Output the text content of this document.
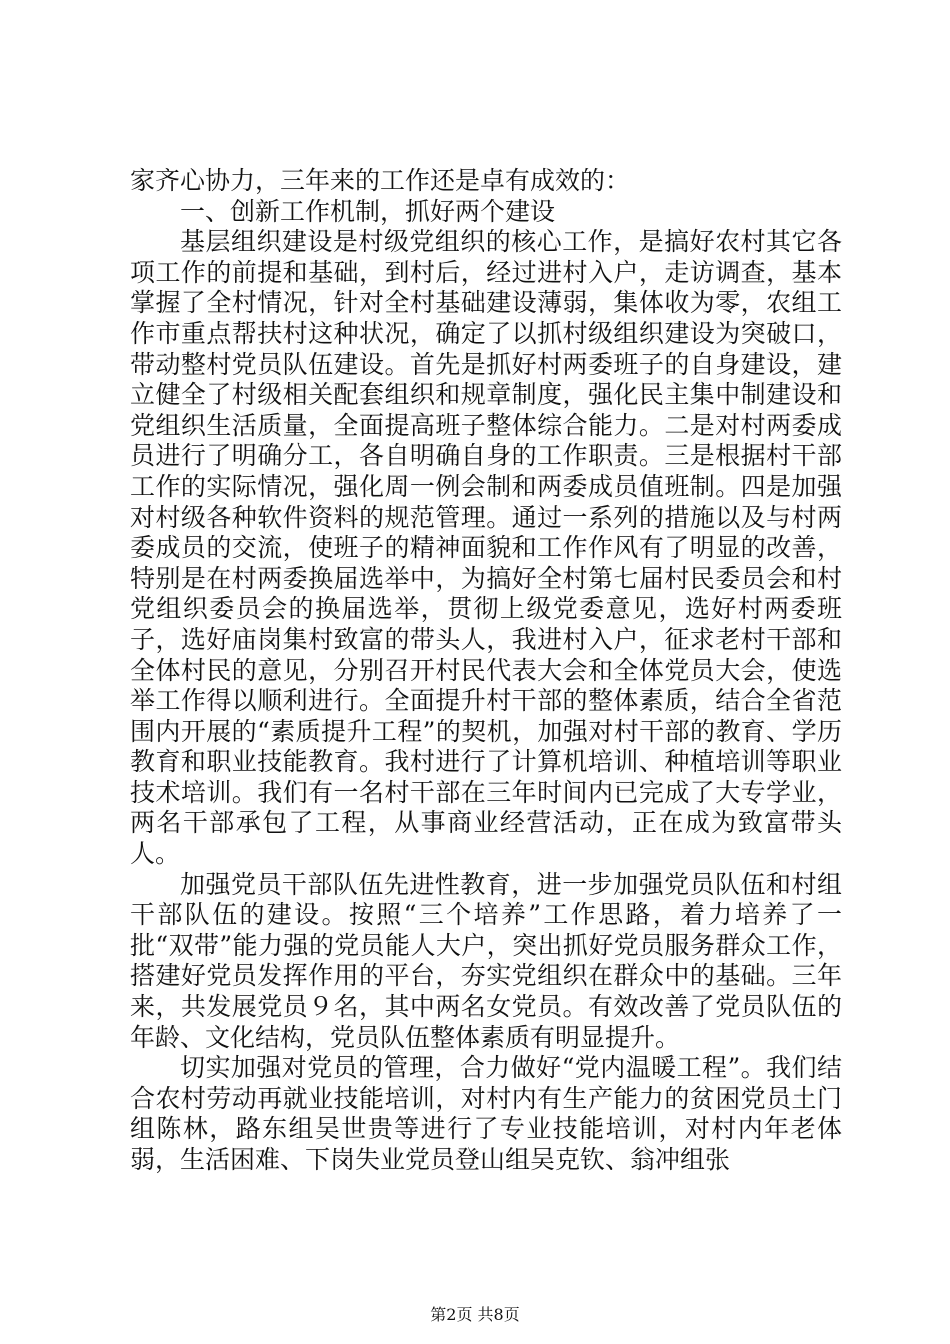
家齐心协力，三年来的工作还是卓有成效的：

一、创新工作机制，抓好两个建设

基层组织建设是村级党组织的核心工作，是搞好农村其它各项工作的前提和基础，到村后，经过进村入户，走访调查，基本掌握了全村情况，针对全村基础建设薄弱，集体收为零，农组工作市重点帮扶村这种状况，确定了以抓村级组织建设为突破口，带动整村党员队伍建设。首先是抓好村两委班子的自身建设，建立健全了村级相关配套组织和规章制度，强化民主集中制建设和党组织生活质量，全面提高班子整体综合能力。二是对村两委成员进行了明确分工，各自明确自身的工作职责。三是根据村干部工作的实际情况，强化周一例会制和两委成员值班制。四是加强对村级各种软件资料的规范管理。通过一系列的措施以及与村两委成员的交流，使班子的精神面貌和工作作风有了明显的改善，特别是在村两委换届选举中，为搞好全村第七届村民委员会和村党组织委员会的换届选举，贯彻上级党委意见，选好村两委班子，选好庙岗集村致富的带头人，我进村入户，征求老村干部和全体村民的意见，分别召开村民代表大会和全体党员大会，使选举工作得以顺利进行。全面提升村干部的整体素质，结合全省范围内开展的“素质提升工程”的契机，加强对村干部的教育、学历教育和职业技能教育。我村进行了计算机培训、种植培训等职业技术培训。我们有一名村干部在三年时间内已完成了大专学业，两名干部承包了工程，从事商业经营活动，正在成为致富带头人。

加强党员干部队伍先进性教育，进一步加强党员队伍和村组干部队伍的建设。按照“三个培养”工作思路，着力培养了一批“双带”能力强的党员能人大户，突出抓好党员服务群众工作，搭建好党员发挥作用的平台，夯实党组织在群众中的基础。三年来，共发展党员９名，其中两名女党员。有效改善了党员队伍的年龄、文化结构，党员队伍整体素质有明显提升。

切实加强对党员的管理，合力做好“党内温暖工程”。我们结合农村劳动再就业技能培训，对村内有生产能力的贫困党员土门组陈林，路东组吴世贵等进行了专业技能培训，对村内年老体弱，生活困难、下岗失业党员登山组吴克钦、翁冲组张

第2页 共8页
